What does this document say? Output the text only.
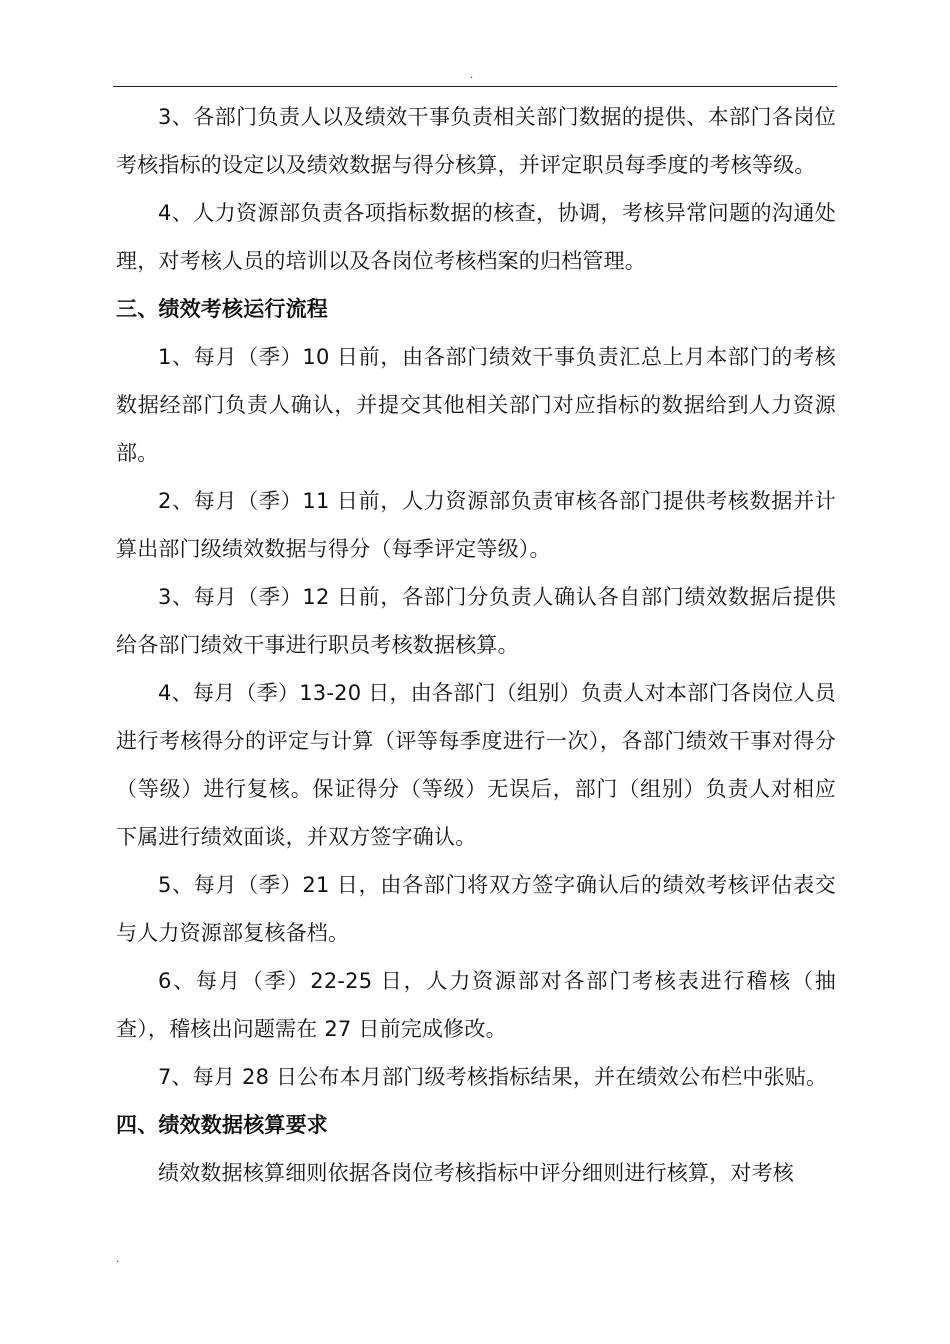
.

3、各部门负责人以及绩效干事负责相关部门数据的提供、本部门各岗位考核指标的设定以及绩效数据与得分核算，并评定职员每季度的考核等级。

4、人力资源部负责各项指标数据的核查，协调，考核异常问题的沟通处理，对考核人员的培训以及各岗位考核档案的归档管理。

三、绩效考核运行流程

1、每月（季）10 日前，由各部门绩效干事负责汇总上月本部门的考核数据经部门负责人确认，并提交其他相关部门对应指标的数据给到人力资源部。

2、每月（季）11 日前，人力资源部负责审核各部门提供考核数据并计算出部门级绩效数据与得分（每季评定等级）。

3、每月（季）12 日前，各部门分负责人确认各自部门绩效数据后提供给各部门绩效干事进行职员考核数据核算。

4、每月（季）13-20 日，由各部门（组别）负责人对本部门各岗位人员进行考核得分的评定与计算（评等每季度进行一次），各部门绩效干事对得分（等级）进行复核。保证得分（等级）无误后，部门（组别）负责人对相应下属进行绩效面谈，并双方签字确认。

5、每月（季）21 日，由各部门将双方签字确认后的绩效考核评估表交与人力资源部复核备档。

6、每月（季）22-25 日，人力资源部对各部门考核表进行稽核（抽查），稽核出问题需在 27 日前完成修改。

7、每月 28 日公布本月部门级考核指标结果，并在绩效公布栏中张贴。

四、绩效数据核算要求

绩效数据核算细则依据各岗位考核指标中评分细则进行核算，对考核

.
